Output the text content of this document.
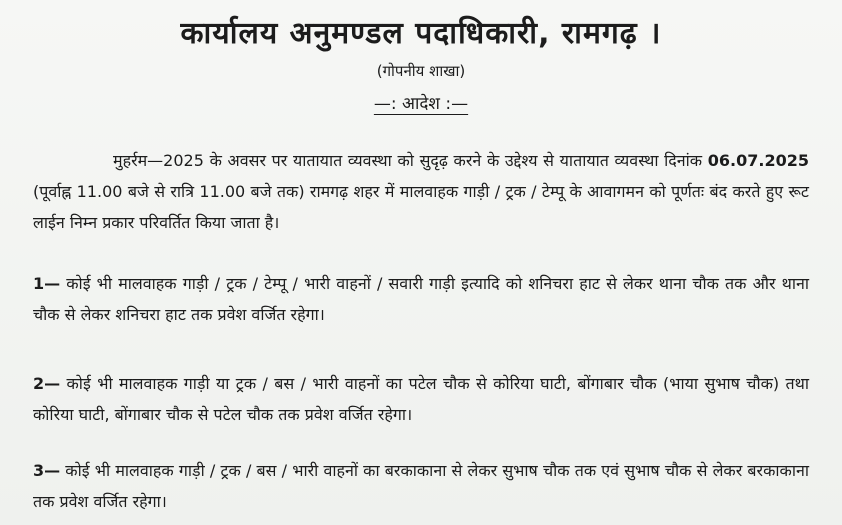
कार्यालय अनुमण्डल पदाधिकारी, रामगढ़ ।
(गोपनीय शाखा)
—: आदेश :—

मुहर्रम—2025 के अवसर पर यातायात व्यवस्था को सुदृढ़ करने के उद्देश्य से यातायात व्यवस्था दिनांक 06.07.2025 (पूर्वाह्न 11.00 बजे से रात्रि 11.00 बजे तक) रामगढ़ शहर में मालवाहक गाड़ी / ट्रक / टेम्पू के आवागमन को पूर्णतः बंद करते हुए रूट लाईन निम्न प्रकार परिवर्तित किया जाता है।

1— कोई भी मालवाहक गाड़ी / ट्रक / टेम्पू / भारी वाहनों / सवारी गाड़ी इत्यादि को शनिचरा हाट से लेकर थाना चौक तक और थाना चौक से लेकर शनिचरा हाट तक प्रवेश वर्जित रहेगा।

2— कोई भी मालवाहक गाड़ी या ट्रक / बस / भारी वाहनों का पटेल चौक से कोरिया घाटी, बोंगाबार चौक (भाया सुभाष चौक) तथा कोरिया घाटी, बोंगाबार चौक से पटेल चौक तक प्रवेश वर्जित रहेगा।

3— कोई भी मालवाहक गाड़ी / ट्रक / बस / भारी वाहनों का बरकाकाना से लेकर सुभाष चौक तक एवं सुभाष चौक से लेकर बरकाकाना तक प्रवेश वर्जित रहेगा।
